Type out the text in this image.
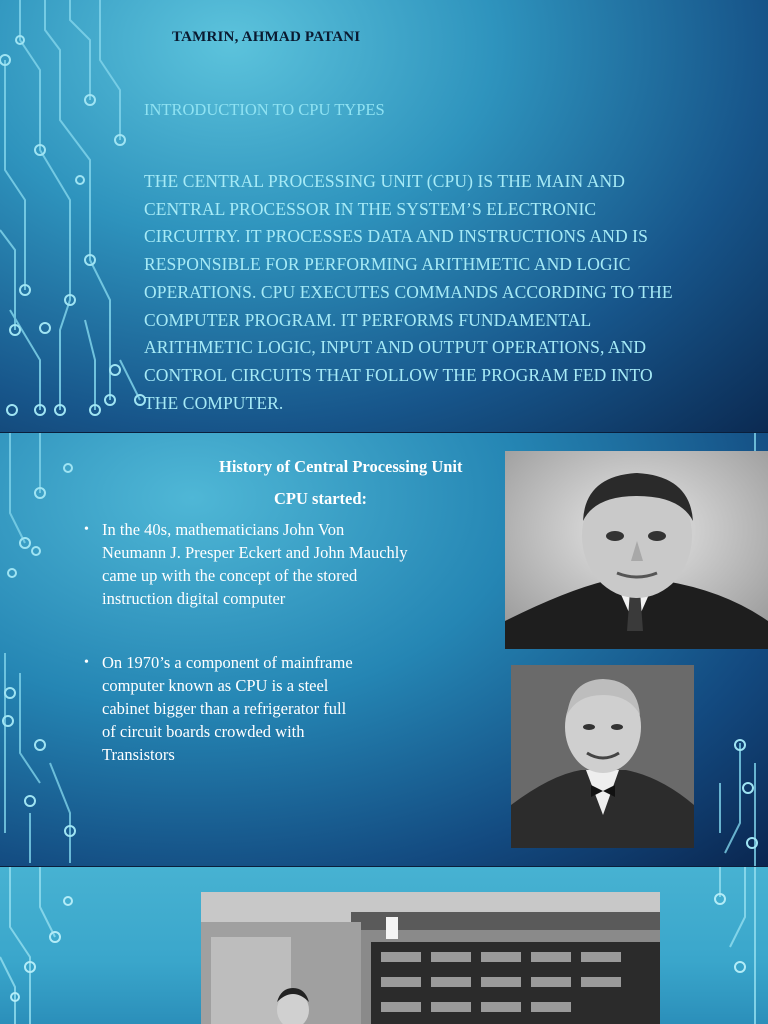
TAMRIN, AHMAD PATANI
INTRODUCTION TO CPU TYPES
THE CENTRAL PROCESSING UNIT (CPU) IS THE MAIN AND CENTRAL PROCESSOR IN THE SYSTEM’S ELECTRONIC CIRCUITRY. IT PROCESSES DATA AND INSTRUCTIONS AND IS RESPONSIBLE FOR PERFORMING ARITHMETIC AND LOGIC OPERATIONS. CPU EXECUTES COMMANDS ACCORDING TO THE COMPUTER PROGRAM. IT PERFORMS FUNDAMENTAL ARITHMETIC LOGIC, INPUT AND OUTPUT OPERATIONS, AND CONTROL CIRCUITS THAT FOLLOW THE PROGRAM FED INTO THE COMPUTER.
History of Central Processing Unit
CPU started:
• In the 40s, mathematicians John Von Neumann J. Presper Eckert and John Mauchly came up with the concept of the stored instruction digital computer
• On 1970’s a component of mainframe computer known as CPU is a steel cabinet bigger than a refrigerator full of circuit boards crowded with Transistors
